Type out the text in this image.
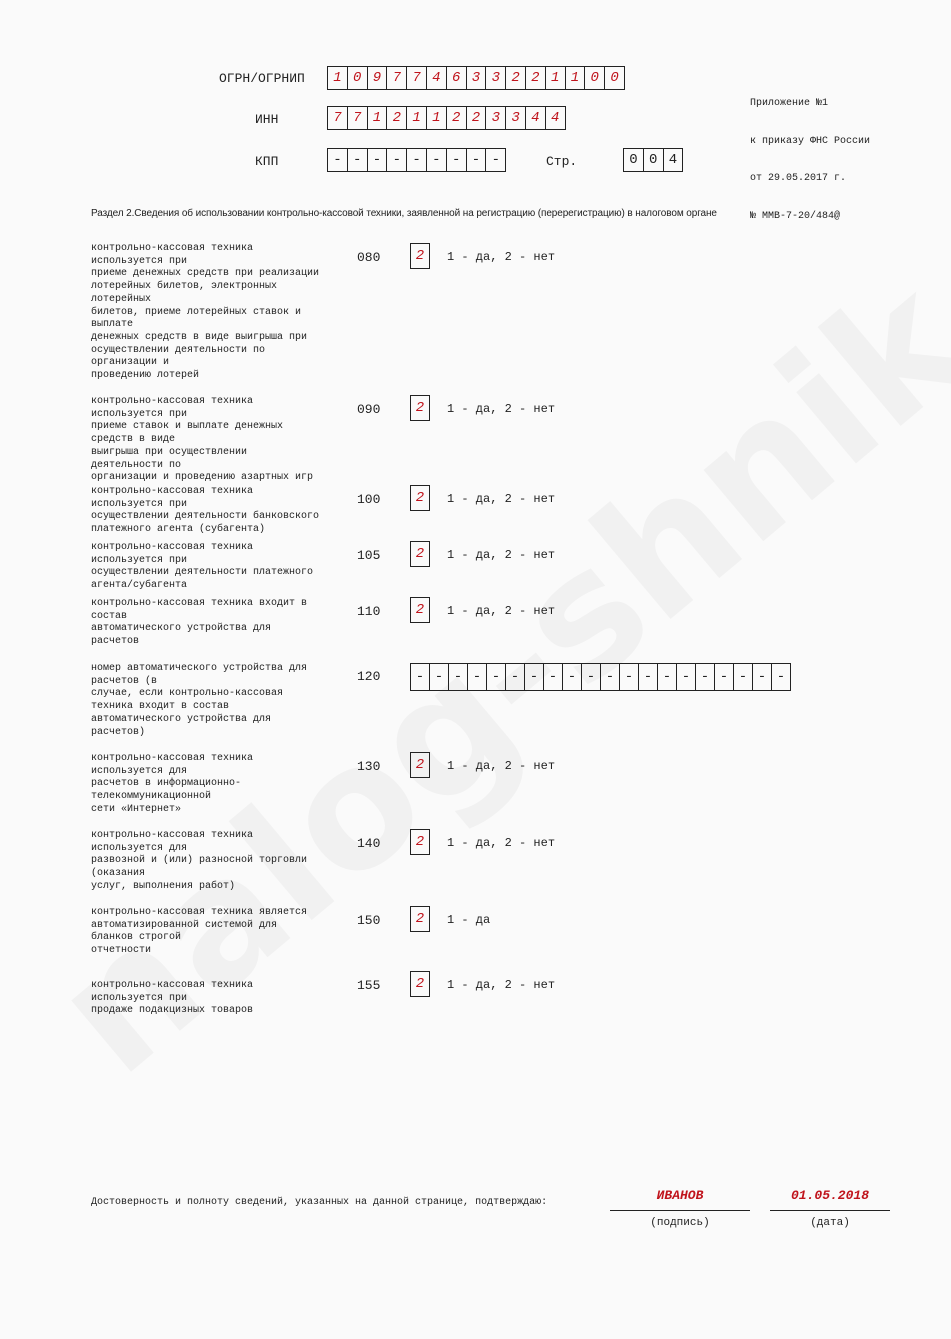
ОГРН/ОГРНИП	1 0 9 7 7 4 6 3 3 2 2 1 1 0 0
ИНН	7 7 1 2 1 1 2 2 3 3 4 4
КПП	- - - - - - - - -	Стр.	0 0 4

Приложение №1

к приказу ФНС России

от 29.05.2017 г.

№ ММВ-7-20/484@

Раздел 2.Сведения об использовании контрольно-кассовой техники, заявленной на регистрацию (перерегистрацию) в налоговом органе
контрольно-кассовая техника
используется при
приеме денежных средств при реализации
лотерейных билетов, электронных
лотерейных
билетов, приеме лотерейных ставок и
выплате
денежных средств в виде выигрыша при
осуществлении деятельности по
организации и
проведению лотерей
080	2	1 - да, 2 - нет
контрольно-кассовая техника
используется при
приеме ставок и выплате денежных
средств в виде
выигрыша при осуществлении
деятельности по
организации и проведению азартных игр
090	2	1 - да, 2 - нет
контрольно-кассовая техника
используется при
осуществлении деятельности банковского
платежного агента (субагента)
100	2	1 - да, 2 - нет
контрольно-кассовая техника
используется при
осуществлении деятельности платежного
агента/субагента
105	2	1 - да, 2 - нет
контрольно-кассовая техника входит в
состав
автоматического устройства для
расчетов
110	2	1 - да, 2 - нет
номер автоматического устройства для
расчетов (в
случае, если контрольно-кассовая
техника входит в состав
автоматического устройства для
расчетов)
120	- - - - - - - - - - - - - - - - - - - -
контрольно-кассовая техника
используется для
расчетов в информационно-
телекоммуникационной
сети «Интернет»
130	2	1 - да, 2 - нет
контрольно-кассовая техника
используется для
развозной и (или) разносной торговли
(оказания
услуг, выполнения работ)
140	2	1 - да, 2 - нет
контрольно-кассовая техника является
автоматизированной системой для
бланков строгой
отчетности
150	2	1 - да
контрольно-кассовая техника
используется при
продаже подакцизных товаров
155	2	1 - да, 2 - нет
Достоверность и полноту сведений, указанных на данной странице, подтверждаю:	ИВАНОВ
(подпись)
01.05.2018
(дата)
